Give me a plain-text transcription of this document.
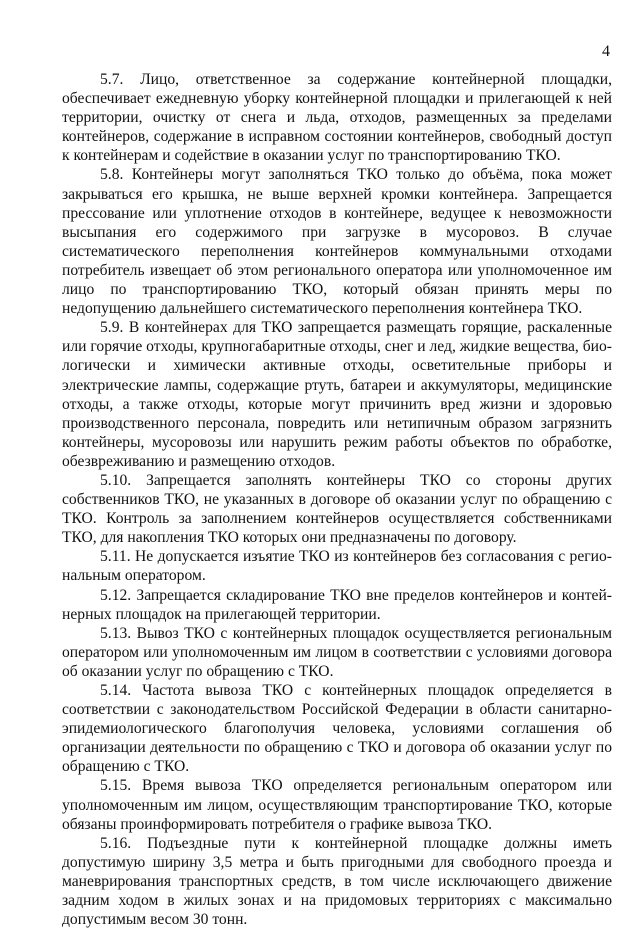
4

5.7. Лицо, ответственное за содержание контейнерной площадки, обеспечивает ежедневную уборку контейнерной площадки и прилегающей к ней территории, очистку от снега и льда, отходов, размещенных за пределами контейнеров, содержание в исправном состоянии контейнеров, свободный доступ к контейнерам и содействие в оказании услуг по транспортированию ТКО.

5.8. Контейнеры могут заполняться ТКО только до объёма, пока может закрываться его крышка, не выше верхней кромки контейнера. Запрещается прессование или уплотнение отходов в контейнере, ведущее к невозможности высыпания его содержимого при загрузке в мусоровоз. В случае систематического переполнения контейнеров коммунальными отходами потребитель извещает об этом регионального оператора или уполномоченное им лицо по транспортированию ТКО, который обязан принять меры по недопущению дальнейшего систематического переполнения контейнера ТКО.

5.9. В контейнерах для ТКО запрещается размещать горящие, раскаленные или горячие отходы, крупногабаритные отходы, снег и лед, жидкие вещества, биологически и химически активные отходы, осветительные приборы и электрические лампы, содержащие ртуть, батареи и аккумуляторы, медицинские отходы, а также отходы, которые могут причинить вред жизни и здоровью производственного персонала, повредить или нетипичным образом загрязнить контейнеры, мусоровозы или нарушить режим работы объектов по обработке, обезвреживанию и размещению отходов.

5.10. Запрещается заполнять контейнеры ТКО со стороны других собственников ТКО, не указанных в договоре об оказании услуг по обращению с ТКО. Контроль за заполнением контейнеров осуществляется собственниками ТКО, для накопления ТКО которых они предназначены по договору.

5.11. Не допускается изъятие ТКО из контейнеров без согласования с региональным оператором.

5.12. Запрещается складирование ТКО вне пределов контейнеров и контейнерных площадок на прилегающей территории.

5.13. Вывоз ТКО с контейнерных площадок осуществляется региональным оператором или уполномоченным им лицом в соответствии с условиями договора об оказании услуг по обращению с ТКО.

5.14. Частота вывоза ТКО с контейнерных площадок определяется в соответствии с законодательством Российской Федерации в области санитарно-эпидемиологического благополучия человека, условиями соглашения об организации деятельности по обращению с ТКО и договора об оказании услуг по обращению с ТКО.

5.15. Время вывоза ТКО определяется региональным оператором или уполномоченным им лицом, осуществляющим транспортирование ТКО, которые обязаны проинформировать потребителя о графике вывоза ТКО.

5.16. Подъездные пути к контейнерной площадке должны иметь допустимую ширину 3,5 метра и быть пригодными для свободного проезда и маневрирования транспортных средств, в том числе исключающего движение задним ходом в жилых зонах и на придомовых территориях с максимально допустимым весом 30 тонн.
